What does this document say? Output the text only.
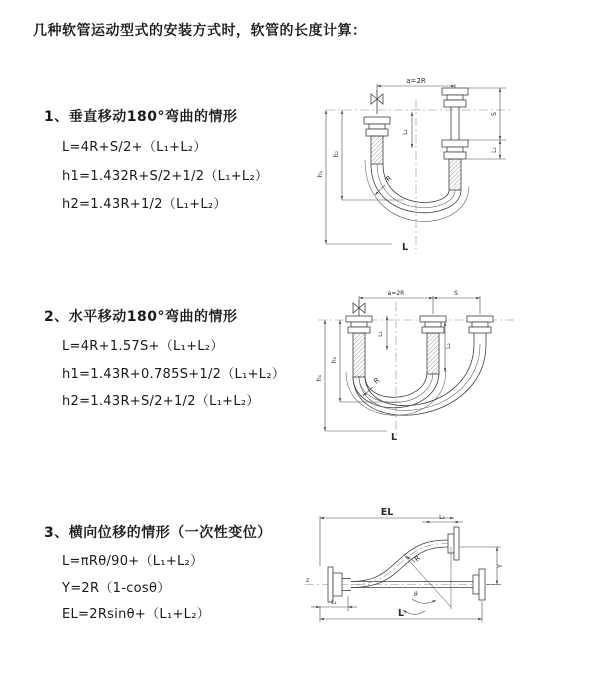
几种软管运动型式的安装方式时，软管的长度计算：
1、垂直移动180°弯曲的情形
L=4R+S/2+（L₁+L₂）
h1=1.432R+S/2+1/2（L₁+L₂）
h2=1.43R+1/2（L₁+L₂）
2、水平移动180°弯曲的情形
L=4R+1.57S+（L₁+L₂）
h1=1.43R+0.785S+1/2（L₁+L₂）
h2=1.43R+S/2+1/2（L₁+L₂）
3、横向位移的情形（一次性变位）
L=πRθ/90+（L₁+L₂）
Y=2R（1-cosθ）
EL=2Rsinθ+（L₁+L₂）
a=2R
R
L
L₁
S
L₂
h₂
h₁
a=2R	S
R
L
L₁
L₂
h₂
h₁
z
EL	L₂
Y
θ
R
L₁
L
